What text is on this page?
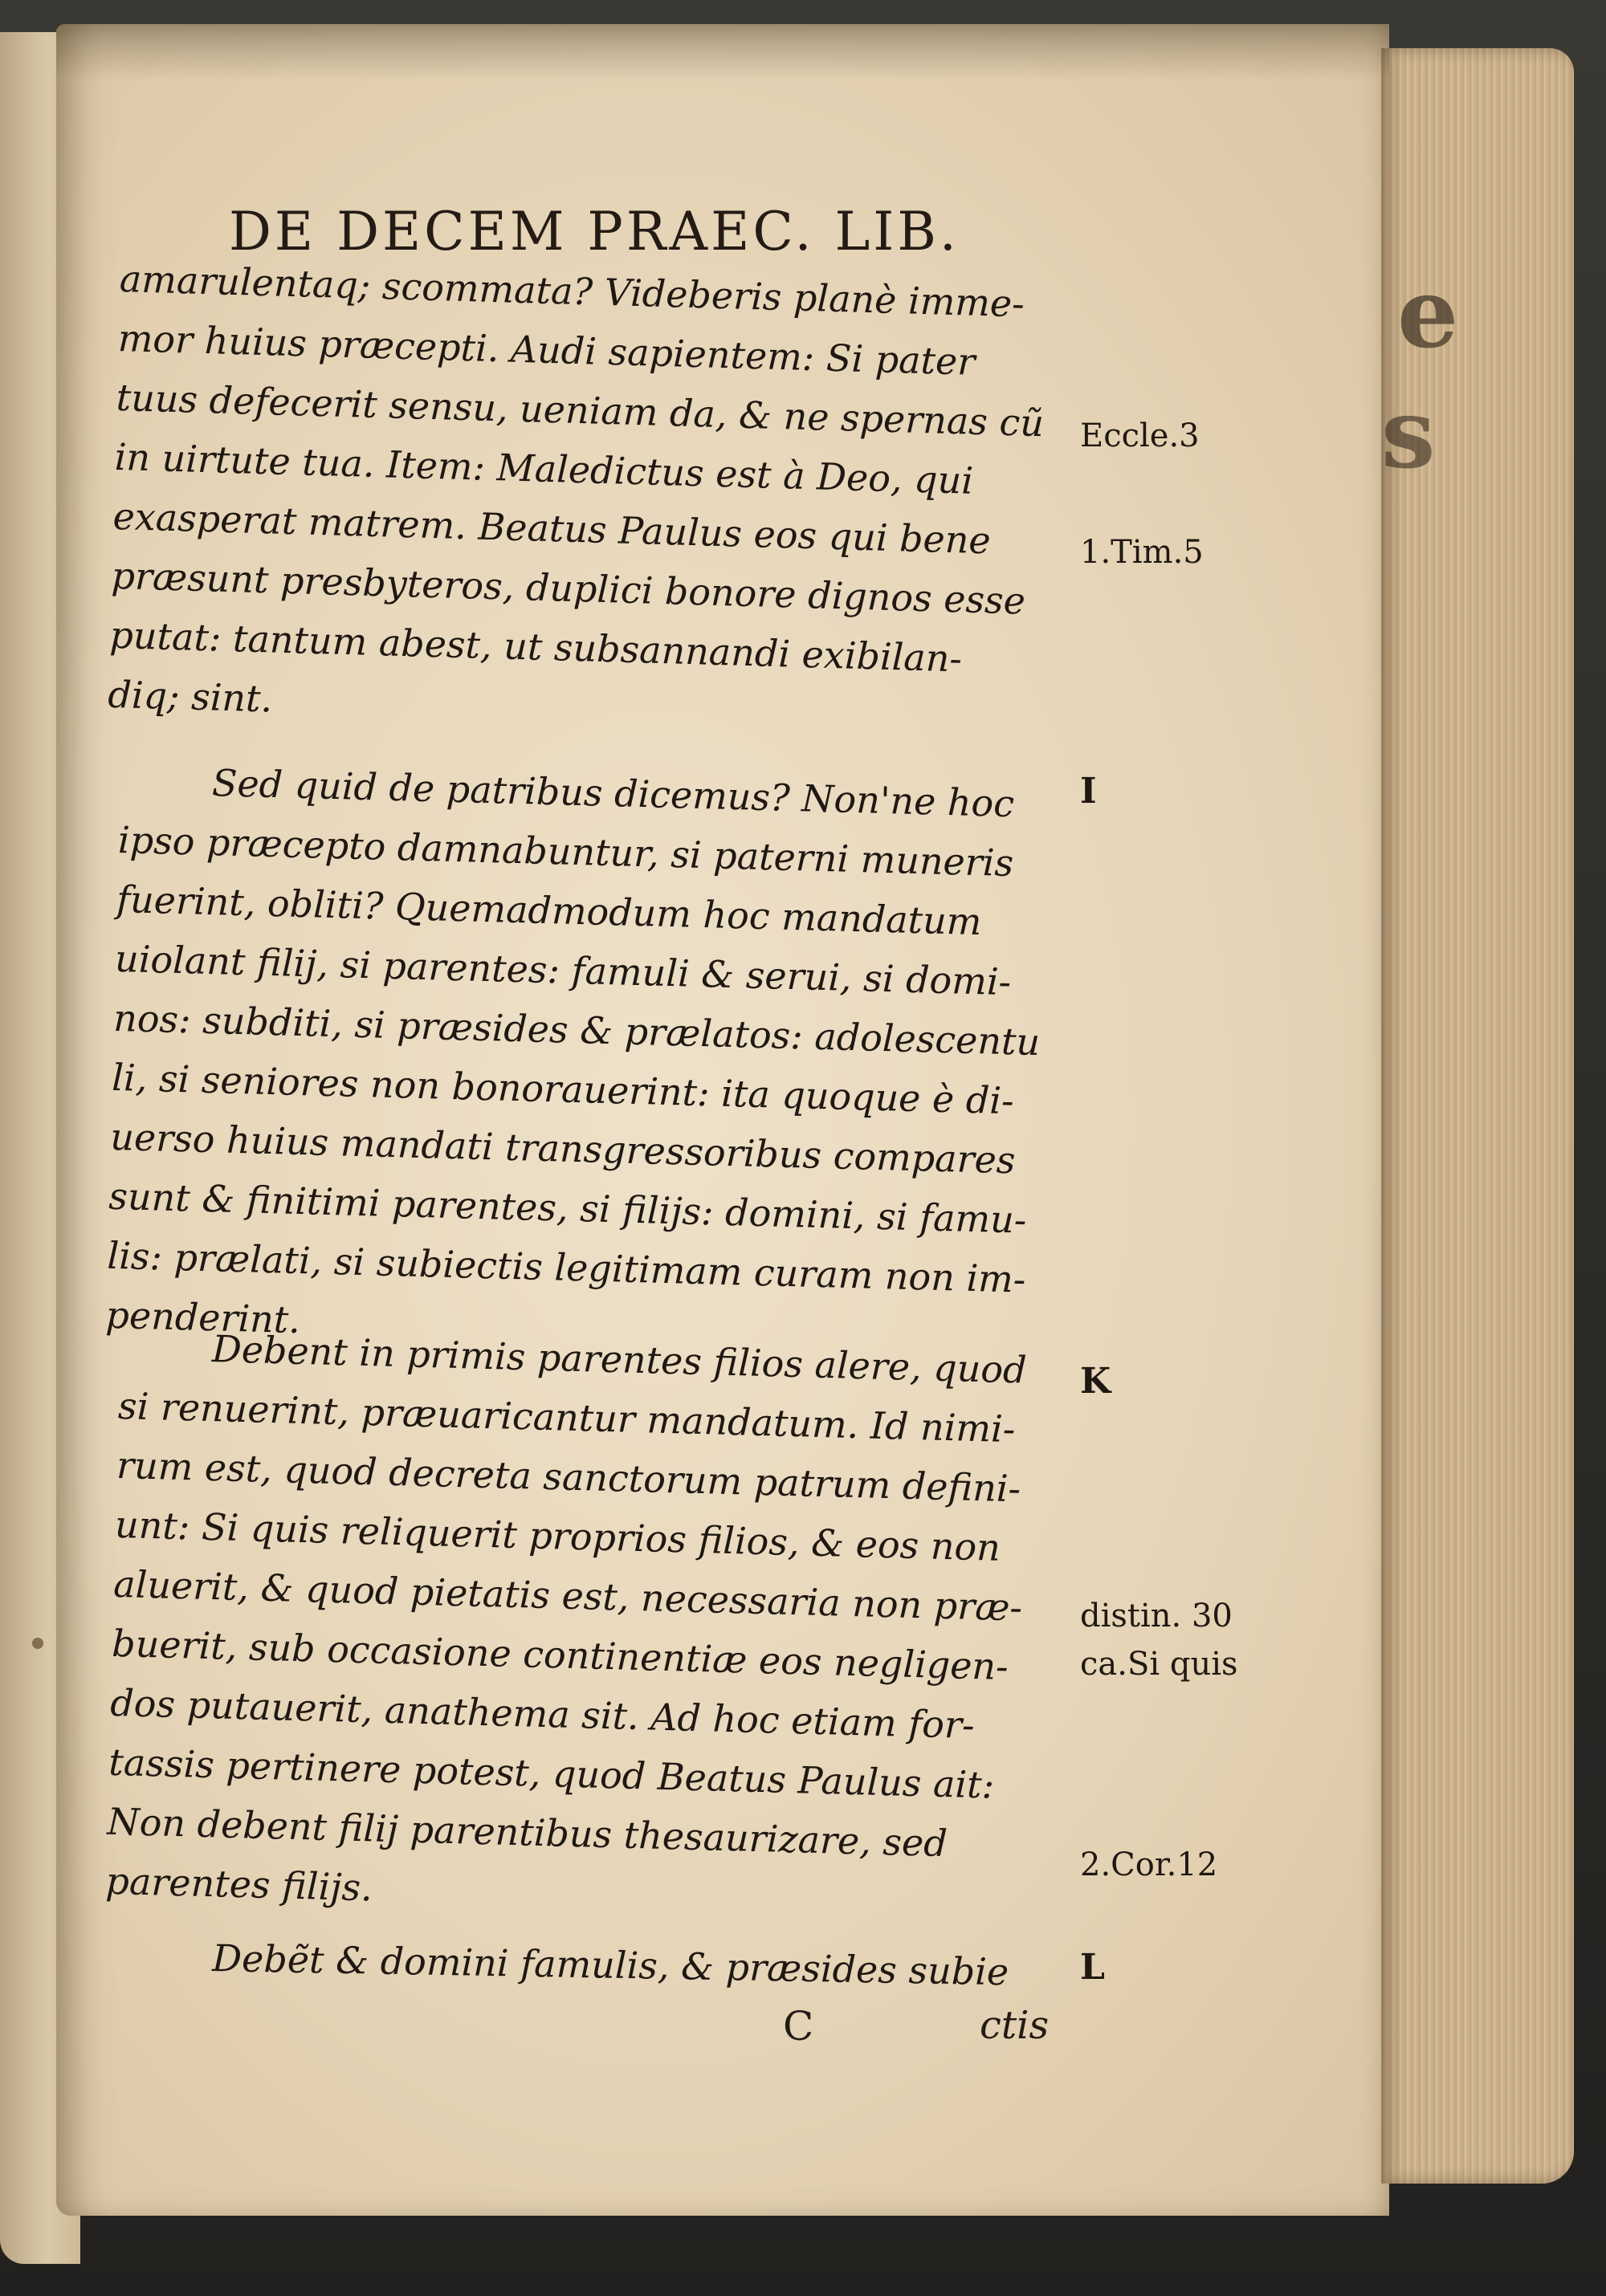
e
s
DE DECEM PRAEC. LIB.
amarulentaq; scommata? Videberis planè imme-
mor huius præcepti. Audi sapientem: Si pater
tuus defecerit sensu, ueniam da, & ne spernas cũ
in uirtute tua. Item: Maledictus est à Deo, qui
exasperat matrem. Beatus Paulus eos qui bene
præsunt presbyteros, duplici bonore dignos esse
putat: tantum abest, ut subsannandi exibilan-
diq; sint.
Sed quid de patribus dicemus? Non'ne hoc
ipso præcepto damnabuntur, si paterni muneris
fuerint, obliti? Quemadmodum hoc mandatum
uiolant filij, si parentes: famuli & serui, si domi-
nos: subditi, si præsides & prælatos: adolescentu
li, si seniores non bonorauerint: ita quoque è di-
uerso huius mandati transgressoribus compares
sunt & finitimi parentes, si filijs: domini, si famu-
lis: prælati, si subiectis legitimam curam non im-
penderint.
Debent in primis parentes filios alere, quod
si renuerint, præuaricantur mandatum. Id nimi-
rum est, quod decreta sanctorum patrum defini-
unt: Si quis reliquerit proprios filios, & eos non
aluerit, & quod pietatis est, necessaria non præ-
buerit, sub occasione continentiæ eos negligen-
dos putauerit, anathema sit. Ad hoc etiam for-
tassis pertinere potest, quod Beatus Paulus ait:
Non debent filij parentibus thesaurizare, sed
parentes filijs.
Debẽt & domini famulis, & præsides subie
Eccle.3
1.Tim.5
I
K
distin. 30
ca.Si quis
2.Cor.12
L
C	ctis
